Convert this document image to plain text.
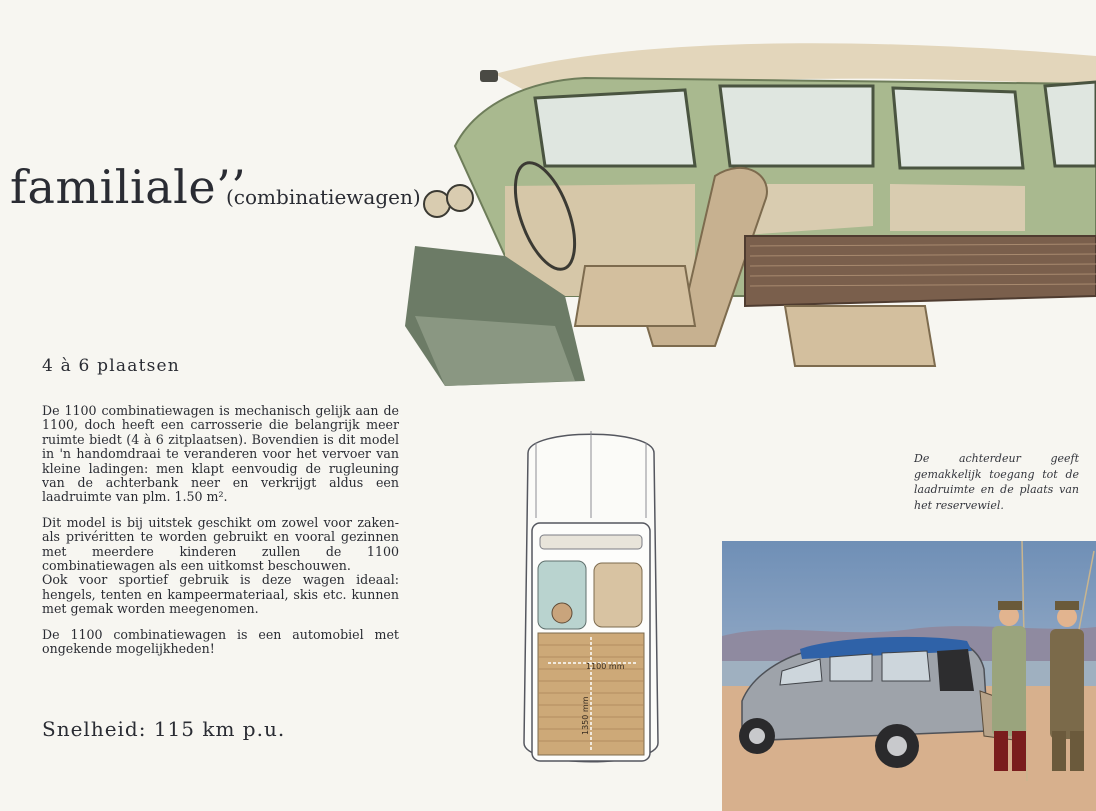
familiale’’
(combinatiewagen)
4 à 6 plaatsen

De 1100 combinatiewagen is mechanisch gelijk aan de 1100, doch heeft een carrosserie die belangrijk meer ruimte biedt (4 à 6 zitplaatsen). Bovendien is dit model in 'n handomdraai te veranderen voor het vervoer van kleine ladingen: men klapt eenvoudig de rugleuning van de achterbank neer en verkrijgt aldus een laadruimte van plm. 1.50 m².

Dit model is bij uitstek geschikt om zowel voor zaken- als privéritten te worden gebruikt en vooral gezinnen met meerdere kinderen zullen de 1100 combinatiewagen als een uitkomst beschouwen.
Ook voor sportief gebruik is deze wagen ideaal: hengels, tenten en kampeermateriaal, skis etc. kunnen met gemak worden meegenomen.

De 1100 combinatiewagen is een automobiel met ongekende mogelijkheden!

Snelheid: 115 km p.u.
1100 mm
1350 mm
De achterdeur geeft gemakkelijk toegang tot de laadruimte en de plaats van het reservewiel.
